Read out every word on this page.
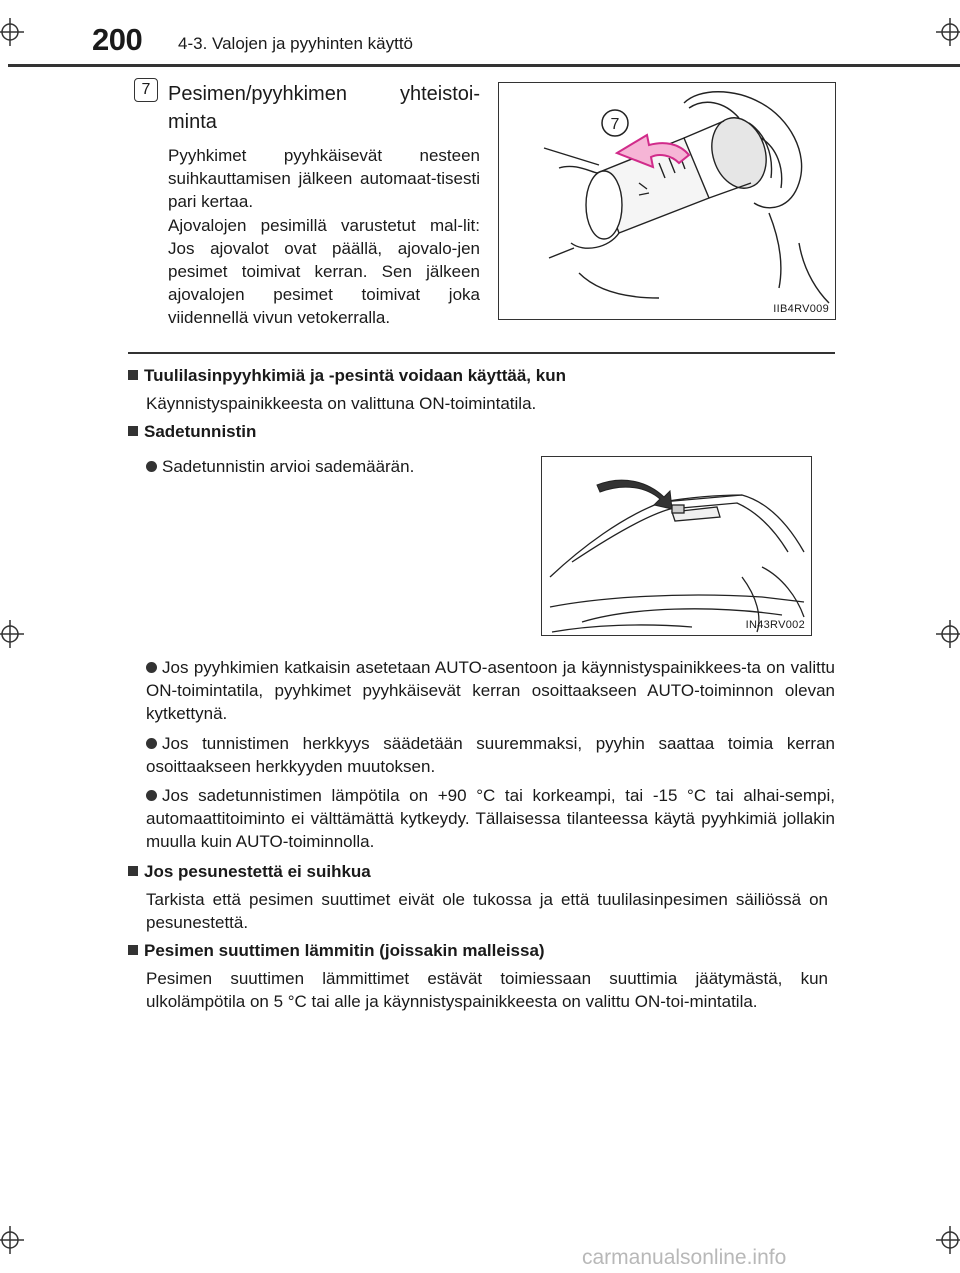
200 4-3. Valojen ja pyyhinten käyttö
7 Pesimen/pyyhkimen yhteistoi-minta
Pyyhkimet pyyhkäisevät nesteen suihkauttamisen jälkeen automaat-tisesti pari kertaa.
Ajovalojen pesimillä varustetut mal-lit: Jos ajovalot ovat päällä, ajovalo-jen pesimet toimivat kerran. Sen jälkeen ajovalojen pesimet toimivat joka viidennellä vivun vetokerralla.
7
IIB4RV009
Tuulilasinpyyhkimiä ja -pesintä voidaan käyttää, kun
Käynnistyspainikkeesta on valittuna ON-toimintatila.
Sadetunnistin
Sadetunnistin arvioi sademäärän.
IN43RV002
Jos pyyhkimien katkaisin asetetaan AUTO-asentoon ja käynnistyspainikkees-ta on valittu ON-toimintatila, pyyhkimet pyyhkäisevät kerran osoittaakseen AUTO-toiminnon olevan kytkettynä.
Jos tunnistimen herkkyys säädetään suuremmaksi, pyyhin saattaa toimia kerran osoittaakseen herkkyyden muutoksen.
Jos sadetunnistimen lämpötila on +90 °C tai korkeampi, tai -15 °C tai alhai-sempi, automaattitoiminto ei välttämättä kytkeydy. Tällaisessa tilanteessa käytä pyyhkimiä jollakin muulla kuin AUTO-toiminnolla.
Jos pesunestettä ei suihkua
Tarkista että pesimen suuttimet eivät ole tukossa ja että tuulilasinpesimen säiliössä on pesunestettä.
Pesimen suuttimen lämmitin (joissakin malleissa)
Pesimen suuttimen lämmittimet estävät toimiessaan suuttimia jäätymästä, kun ulkolämpötila on 5 °C tai alle ja käynnistyspainikkeesta on valittu ON-toi-mintatila.
carmanualsonline.info
